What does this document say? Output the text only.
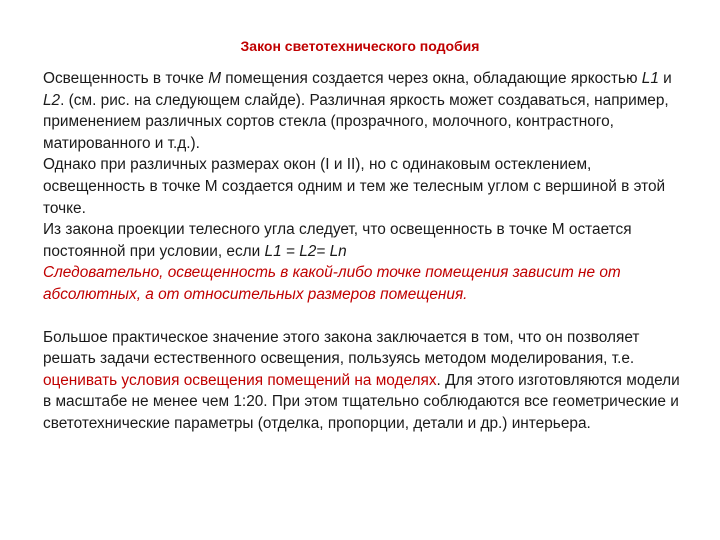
Закон светотехнического подобия

Освещенность в точке М помещения создается через окна, обладающие яркостью L1 и L2. (см. рис. на следующем слайде). Различная яркость может создаваться, например, применением различных сортов стекла (прозрачного, молочного, контрастного, матированного и т.д.).

Однако при различных размерах окон (I и II), но с одинаковым остеклением, освещенность в точке М создается одним и тем же телесным углом с вершиной в этой точке.

Из закона проекции телесного угла следует, что освещенность в точке М остается постоянной при условии, если L1 = L2= Ln

Следовательно, освещенность в какой-либо точке помещения зависит не от абсолютных, а от относительных размеров помещения.

Большое практическое значение этого закона заключается в том, что он позволяет решать задачи естественного освещения, пользуясь методом моделирования, т.е. оценивать условия освещения помещений на моделях. Для этого изготовляются модели в масштабе не менее чем 1:20. При этом тщательно соблюдаются все геометрические и светотехнические параметры (отделка, пропорции, детали и др.) интерьера.
